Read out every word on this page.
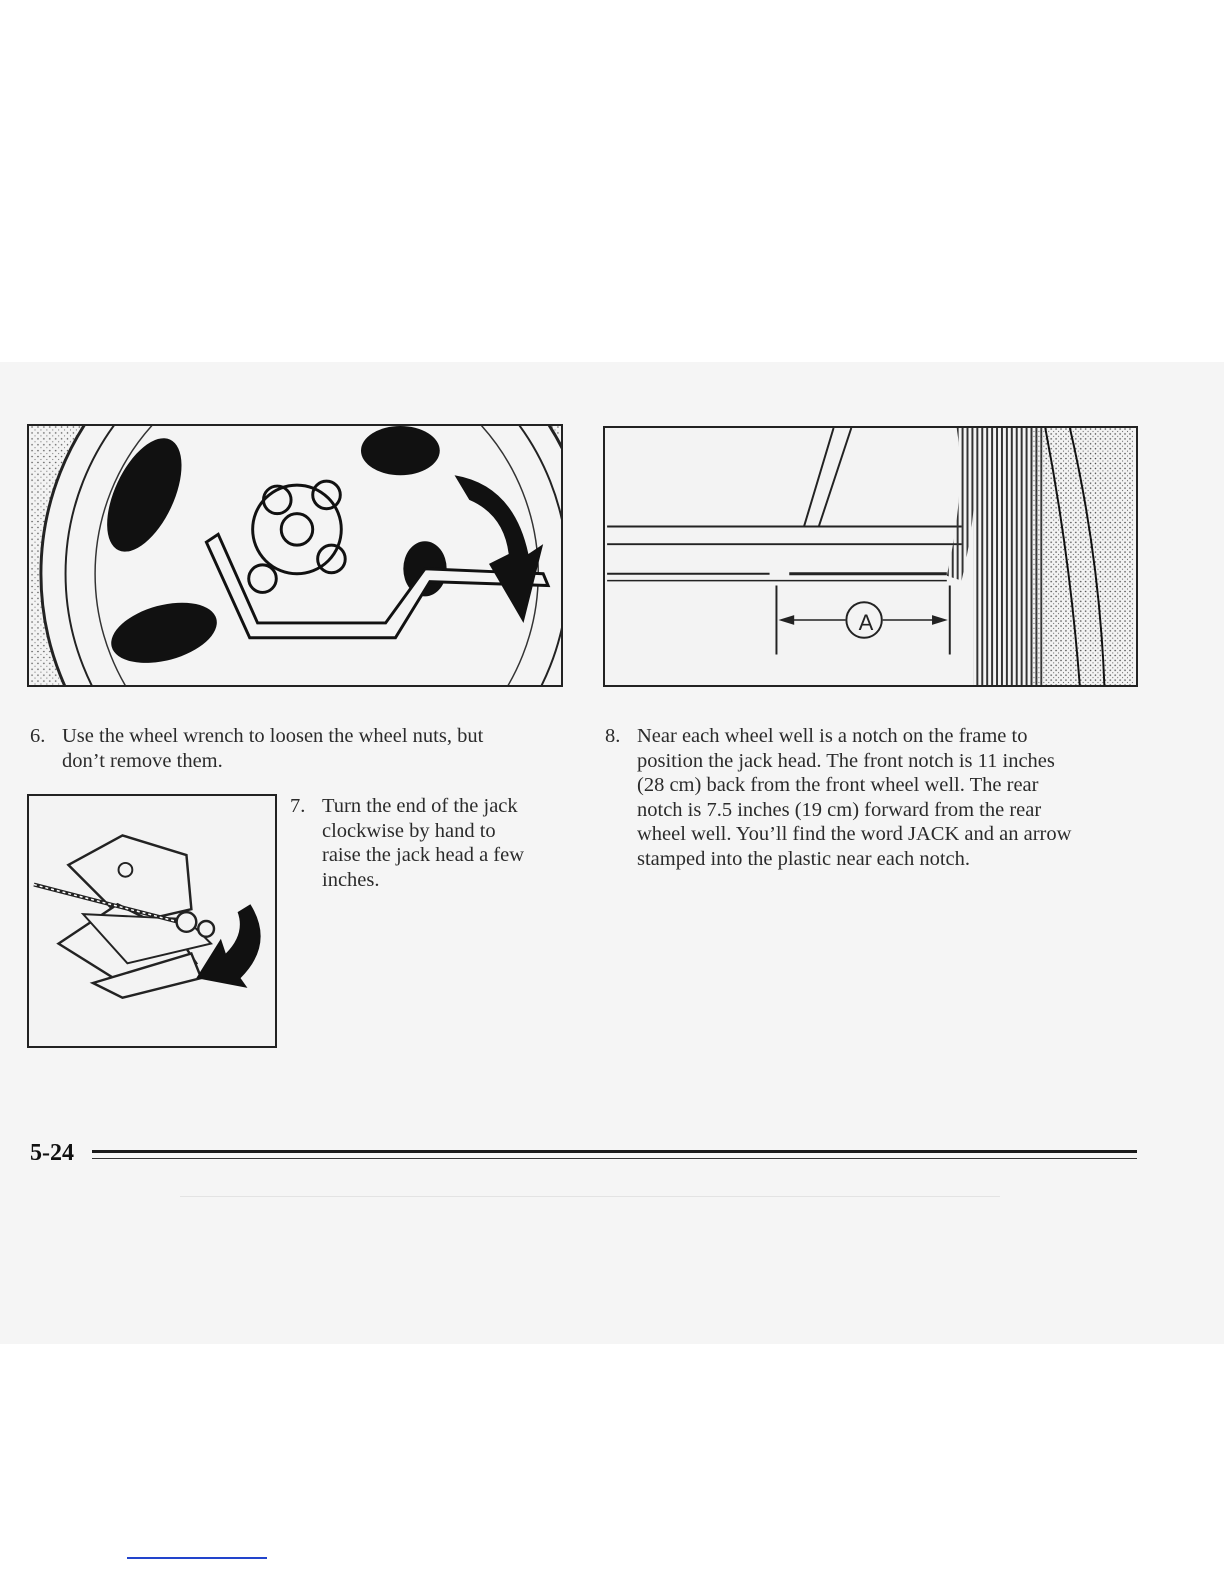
A
6. Use the wheel wrench to loosen the wheel nuts, but
don’t remove them.
7. Turn the end of the jack
clockwise by hand to
raise the jack head a few
inches.
8. Near each wheel well is a notch on the frame to
position the jack head. The front notch is 11 inches
(28 cm) back from the front wheel well. The rear
notch is 7.5 inches (19 cm) forward from the rear
wheel well. You’ll find the word JACK and an arrow
stamped into the plastic near each notch.
5-24
